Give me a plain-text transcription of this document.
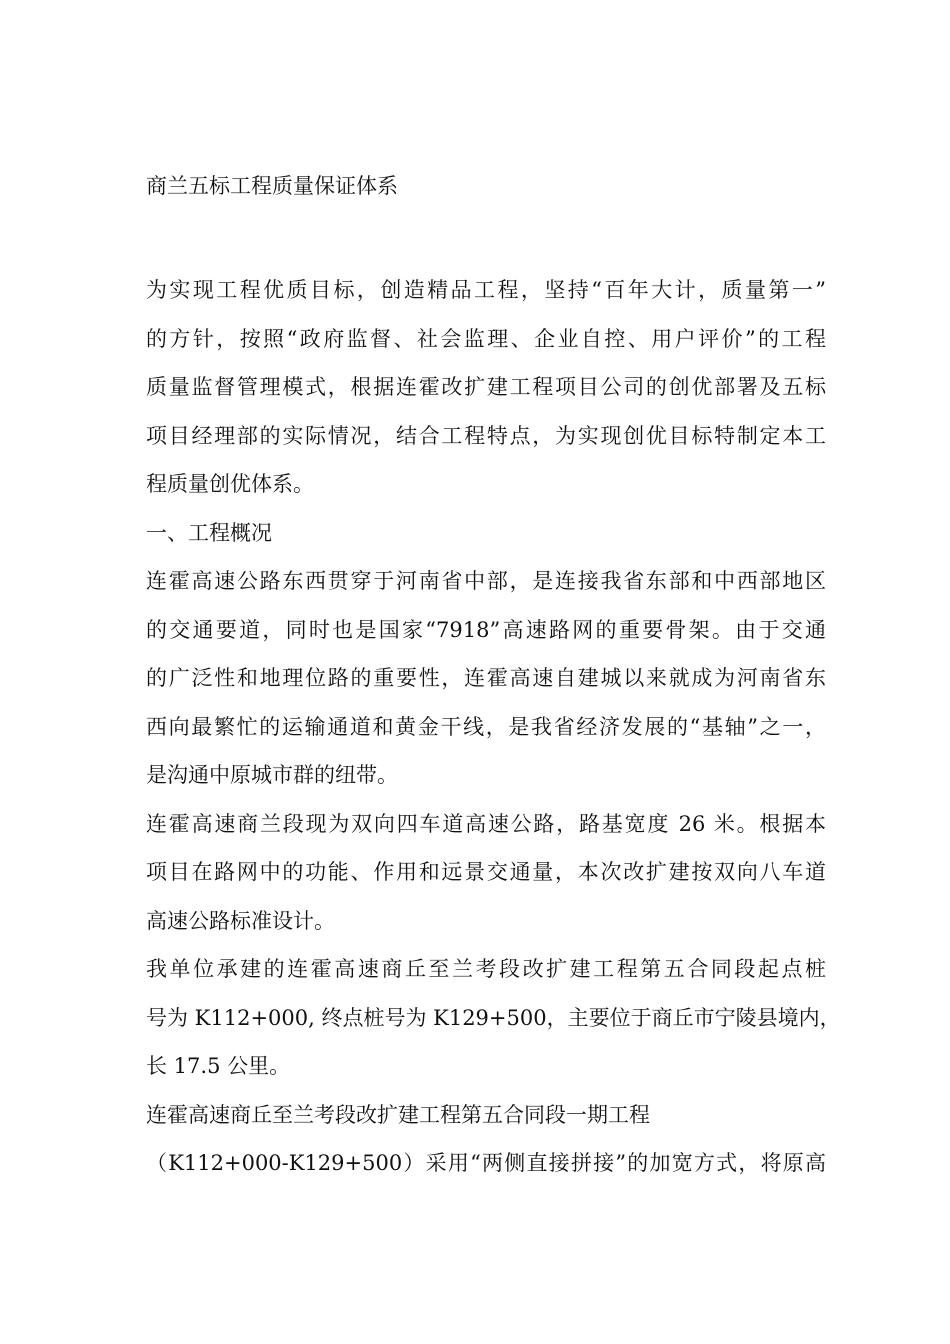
商兰五标工程质量保证体系
为实现工程优质目标，创造精品工程，坚持“百年大计，质量第一”
的方针，按照“政府监督、社会监理、企业自控、用户评价”的工程
质量监督管理模式，根据连霍改扩建工程项目公司的创优部署及五标
项目经理部的实际情况，结合工程特点，为实现创优目标特制定本工
程质量创优体系。
一、工程概况
连霍高速公路东西贯穿于河南省中部，是连接我省东部和中西部地区
的交通要道，同时也是国家“7918”高速路网的重要骨架。由于交通
的广泛性和地理位路的重要性，连霍高速自建城以来就成为河南省东
西向最繁忙的运输通道和黄金干线，是我省经济发展的“基轴”之一，
是沟通中原城市群的纽带。
连霍高速商兰段现为双向四车道高速公路，路基宽度 26 米。根据本
项目在路网中的功能、作用和远景交通量，本次改扩建按双向八车道
高速公路标准设计。
我单位承建的连霍高速商丘至兰考段改扩建工程第五合同段起点桩
号为 K112+000, 终点桩号为 K129+500，主要位于商丘市宁陵县境内，
长 17.5 公里。
连霍高速商丘至兰考段改扩建工程第五合同段一期工程
（K112+000-K129+500）采用“两侧直接拼接”的加宽方式，将原高
